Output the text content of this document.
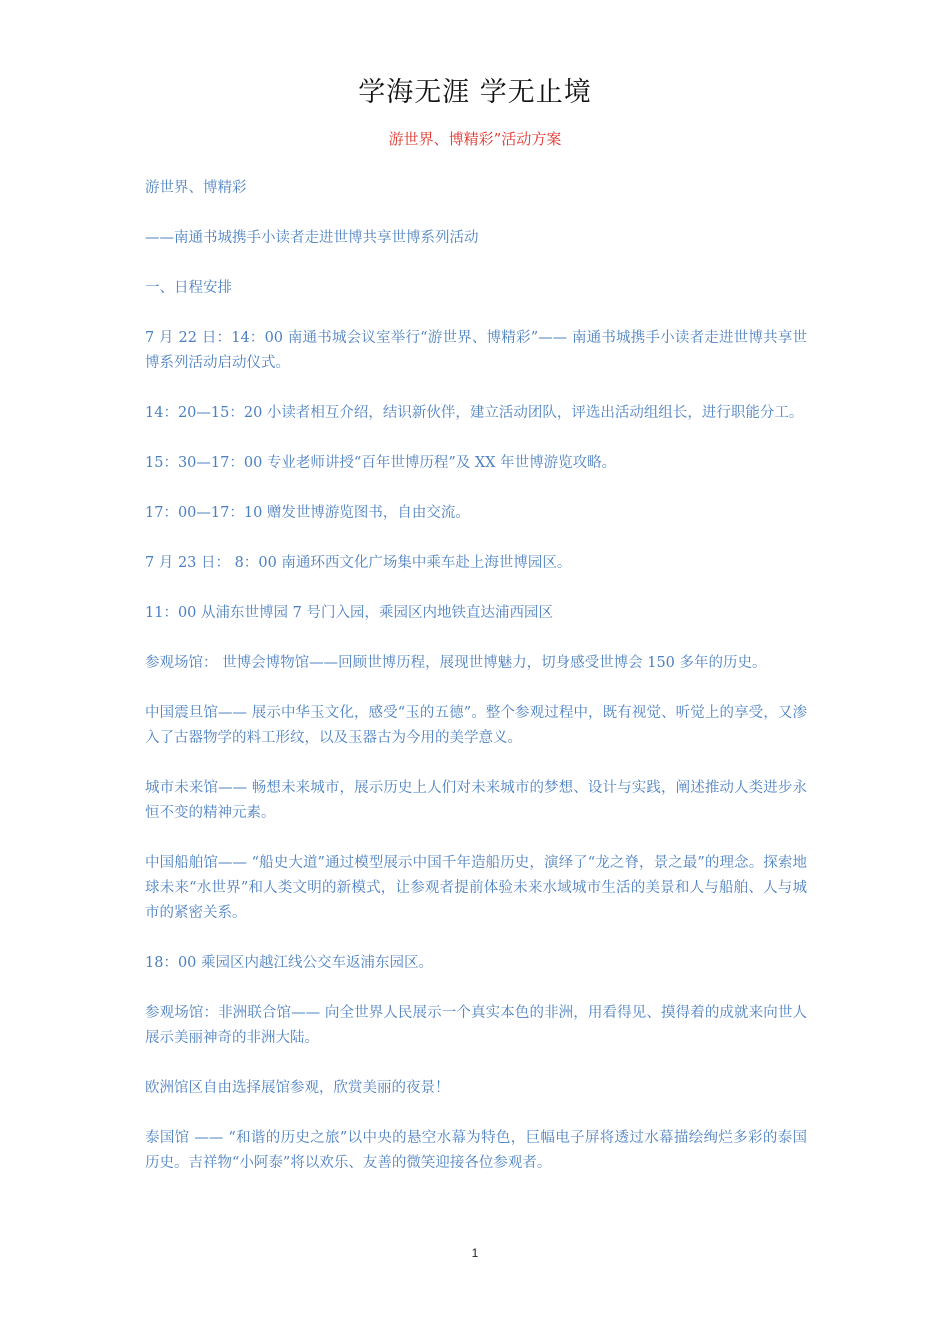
学海无涯 学无止境
游世界、博精彩”活动方案

游世界、博精彩

——南通书城携手小读者走进世博共享世博系列活动

一、日程安排

7 月 22 日：14：00 南通书城会议室举行“游世界、博精彩”—— 南通书城携手小读者走进世博共享世博系列活动启动仪式。

14：20—15：20 小读者相互介绍，结识新伙伴，建立活动团队，评选出活动组组长，进行职能分工。

15：30—17：00 专业老师讲授“百年世博历程”及 XX 年世博游览攻略。

17：00—17：10 赠发世博游览图书，自由交流。

7 月 23 日： 8：00 南通环西文化广场集中乘车赴上海世博园区。

11：00 从浦东世博园 7 号门入园，乘园区内地铁直达浦西园区

参观场馆： 世博会博物馆——回顾世博历程，展现世博魅力，切身感受世博会 150 多年的历史。

中国震旦馆—— 展示中华玉文化，感受“玉的五德”。整个参观过程中，既有视觉、听觉上的享受，又渗入了古器物学的料工形纹，以及玉器古为今用的美学意义。

城市未来馆—— 畅想未来城市，展示历史上人们对未来城市的梦想、设计与实践，阐述推动人类进步永恒不变的精神元素。

中国船舶馆—— “船史大道”通过模型展示中国千年造船历史，演绎了“龙之脊，景之最”的理念。探索地球未来“水世界”和人类文明的新模式，让参观者提前体验未来水域城市生活的美景和人与船舶、人与城市的紧密关系。

18：00 乘园区内越江线公交车返浦东园区。

参观场馆：非洲联合馆—— 向全世界人民展示一个真实本色的非洲，用看得见、摸得着的成就来向世人展示美丽神奇的非洲大陆。

欧洲馆区自由选择展馆参观，欣赏美丽的夜景！

泰国馆 —— “和谐的历史之旅”以中央的悬空水幕为特色，巨幅电子屏将透过水幕描绘绚烂多彩的泰国历史。吉祥物“小阿泰”将以欢乐、友善的微笑迎接各位参观者。

1
